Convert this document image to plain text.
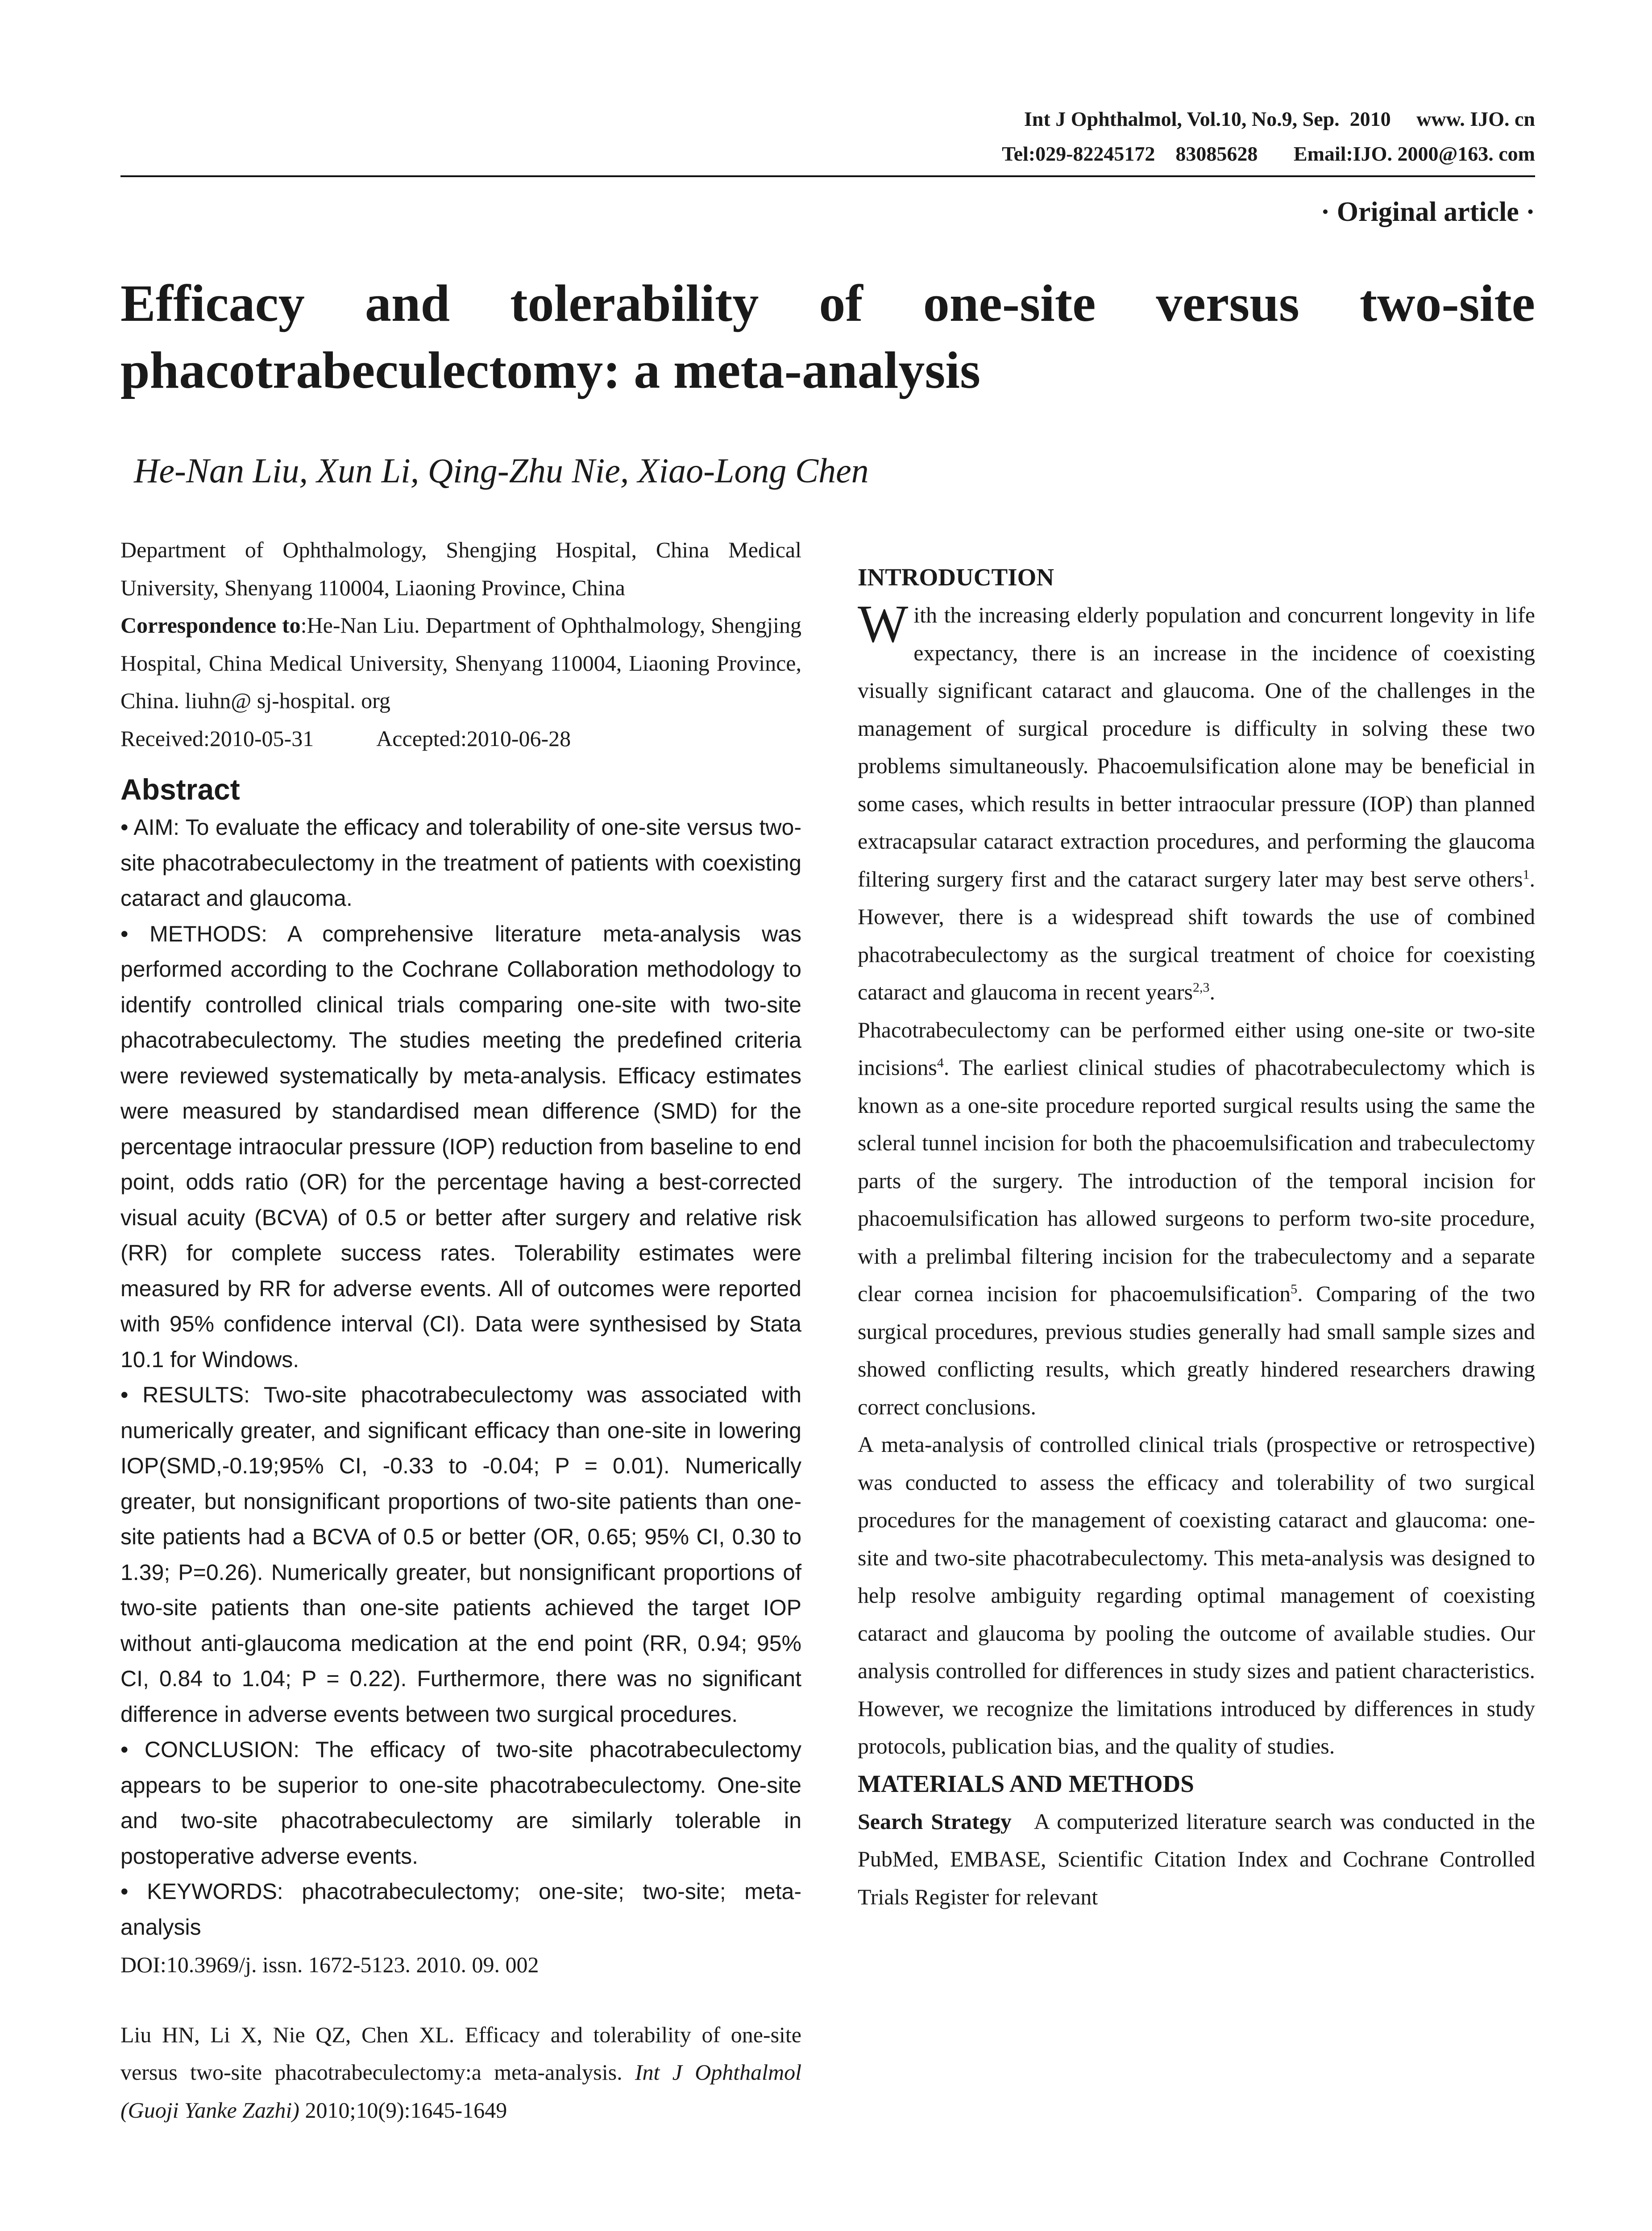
Int J Ophthalmol, Vol.10, No.9, Sep.  2010     www. IJO. cn
Tel:029-82245172    83085628       Email:IJO. 2000@163. com
· Original article ·
Efficacy and tolerability of one-site versus two-site
phacotrabeculectomy: a meta-analysis
He-Nan Liu, Xun Li, Qing-Zhu Nie, Xiao-Long Chen

Department of Ophthalmology, Shengjing Hospital, China Medical University, Shenyang 110004, Liaoning Province, China

Correspondence to:He-Nan Liu. Department of Ophthalmology, Shengjing Hospital, China Medical University, Shenyang 110004, Liaoning Province, China. liuhn@ sj-hospital. org

Received:2010-05-31	Accepted:2010-06-28

Abstract

• AIM: To evaluate the efficacy and tolerability of one-site versus two-site phacotrabeculectomy in the treatment of patients with coexisting cataract and glaucoma.

• METHODS: A comprehensive literature meta-analysis was performed according to the Cochrane Collaboration methodology to identify controlled clinical trials comparing one-site with two-site phacotrabeculectomy. The studies meeting the predefined criteria were reviewed systematically by meta-analysis. Efficacy estimates were measured by standardised mean difference (SMD) for the percentage intraocular pressure (IOP) reduction from baseline to end point, odds ratio (OR) for the percentage having a best-corrected visual acuity (BCVA) of 0.5 or better after surgery and relative risk (RR) for complete success rates. Tolerability estimates were measured by RR for adverse events. All of outcomes were reported with 95% confidence interval (CI). Data were synthesised by Stata 10.1 for Windows.

• RESULTS: Two-site phacotrabeculectomy was associated with numerically greater, and significant efficacy than one-site in lowering IOP(SMD,-0.19;95% CI, -0.33 to -0.04; P = 0.01). Numerically greater, but nonsignificant proportions of two-site patients than one-site patients had a BCVA of 0.5 or better (OR, 0.65; 95% CI, 0.30 to 1.39; P=0.26). Numerically greater, but nonsignificant proportions of two-site patients than one-site patients achieved the target IOP without anti-glaucoma medication at the end point (RR, 0.94; 95% CI, 0.84 to 1.04; P = 0.22). Furthermore, there was no significant difference in adverse events between two surgical procedures.

• CONCLUSION: The efficacy of two-site phacotrabeculectomy appears to be superior to one-site phacotrabeculectomy. One-site and two-site phacotrabeculectomy are similarly tolerable in postoperative adverse events.

• KEYWORDS: phacotrabeculectomy; one-site; two-site; meta-analysis

DOI:10.3969/j. issn. 1672-5123. 2010. 09. 002

Liu HN, Li X, Nie QZ, Chen XL. Efficacy and tolerability of one-site versus two-site phacotrabeculectomy:a meta-analysis. Int J Ophthalmol (Guoji Yanke Zazhi) 2010;10(9):1645-1649

INTRODUCTION

With the increasing elderly population and concurrent longevity in life expectancy, there is an increase in the incidence of coexisting visually significant cataract and glaucoma. One of the challenges in the management of surgical procedure is difficulty in solving these two problems simultaneously. Phacoemulsification alone may be beneficial in some cases, which results in better intraocular pressure (IOP) than planned extracapsular cataract extraction procedures, and performing the glaucoma filtering surgery first and the cataract surgery later may best serve others$^1$. However, there is a widespread shift towards the use of combined phacotrabeculectomy as the surgical treatment of choice for coexisting cataract and glaucoma in recent years$^{2,3}$.

Phacotrabeculectomy can be performed either using one-site or two-site incisions$^4$. The earliest clinical studies of phacotrabeculectomy which is known as a one-site procedure reported surgical results using the same the scleral tunnel incision for both the phacoemulsification and trabeculectomy parts of the surgery. The introduction of the temporal incision for phacoemulsification has allowed surgeons to perform two-site procedure, with a prelimbal filtering incision for the trabeculectomy and a separate clear cornea incision for phacoemulsification$^5$. Comparing of the two surgical procedures, previous studies generally had small sample sizes and showed conflicting results, which greatly hindered researchers drawing correct conclusions.

A meta-analysis of controlled clinical trials (prospective or retrospective) was conducted to assess the efficacy and tolerability of two surgical procedures for the management of coexisting cataract and glaucoma: one-site and two-site phacotrabeculectomy. This meta-analysis was designed to help resolve ambiguity regarding optimal management of coexisting cataract and glaucoma by pooling the outcome of available studies. Our analysis controlled for differences in study sizes and patient characteristics. However, we recognize the limitations introduced by differences in study protocols, publication bias, and the quality of studies.

MATERIALS AND METHODS

Search Strategy A computerized literature search was conducted in the PubMed, EMBASE, Scientific Citation Index and Cochrane Controlled Trials Register for relevant
